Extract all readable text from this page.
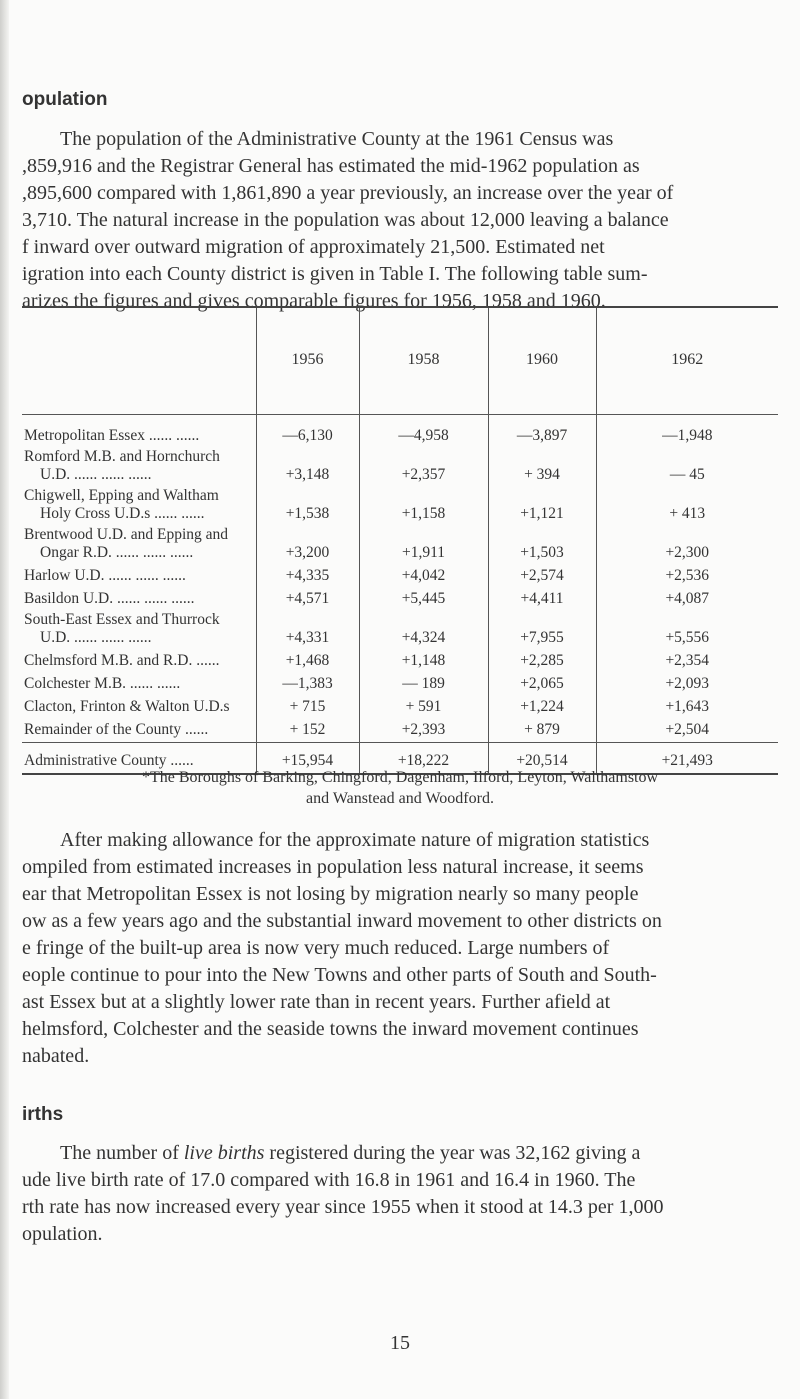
opulation
The population of the Administrative County at the 1961 Census was
,859,916 and the Registrar General has estimated the mid-1962 population as
,895,600 compared with 1,861,890 a year previously, an increase over the year of
3,710. The natural increase in the population was about 12,000 leaving a balance
f inward over outward migration of approximately 21,500. Estimated net
igration into each County district is given in Table I. The following table sum-
arizes the figures and gives comparable figures for 1956, 1958 and 1960.
	1956	1958	1960	1962

Metropolitan Essex ...... ......	—6,130	—4,958	—3,897	—1,948

Romford M.B. and Hornchurch
U.D. ...... ...... ......	+3,148	+2,357	+ 394	— 45

Chigwell, Epping and Waltham
Holy Cross U.D.s ...... ......	+1,538	+1,158	+1,121	+ 413

Brentwood U.D. and Epping and
Ongar R.D. ...... ...... ......	+3,200	+1,911	+1,503	+2,300

Harlow U.D. ...... ...... ......	+4,335	+4,042	+2,574	+2,536

Basildon U.D. ...... ...... ......	+4,571	+5,445	+4,411	+4,087

South-East Essex and Thurrock
U.D. ...... ...... ......	+4,331	+4,324	+7,955	+5,556

Chelmsford M.B. and R.D. ......	+1,468	+1,148	+2,285	+2,354

Colchester M.B. ...... ......	—1,383	— 189	+2,065	+2,093

Clacton, Frinton & Walton U.D.s	+ 715	+ 591	+1,224	+1,643

Remainder of the County ......	+ 152	+2,393	+ 879	+2,504
Administrative County ......	+15,954	+18,222	+20,514	+21,493
*The Boroughs of Barking, Chingford, Dagenham, Ilford, Leyton, Walthamstow
and Wanstead and Woodford.
After making allowance for the approximate nature of migration statistics
ompiled from estimated increases in population less natural increase, it seems
ear that Metropolitan Essex is not losing by migration nearly so many people
ow as a few years ago and the substantial inward movement to other districts on
e fringe of the built-up area is now very much reduced. Large numbers of
eople continue to pour into the New Towns and other parts of South and South-
ast Essex but at a slightly lower rate than in recent years. Further afield at
helmsford, Colchester and the seaside towns the inward movement continues
nabated.
irths
The number of live births registered during the year was 32,162 giving a
ude live birth rate of 17.0 compared with 16.8 in 1961 and 16.4 in 1960. The
rth rate has now increased every year since 1955 when it stood at 14.3 per 1,000
opulation.
15
